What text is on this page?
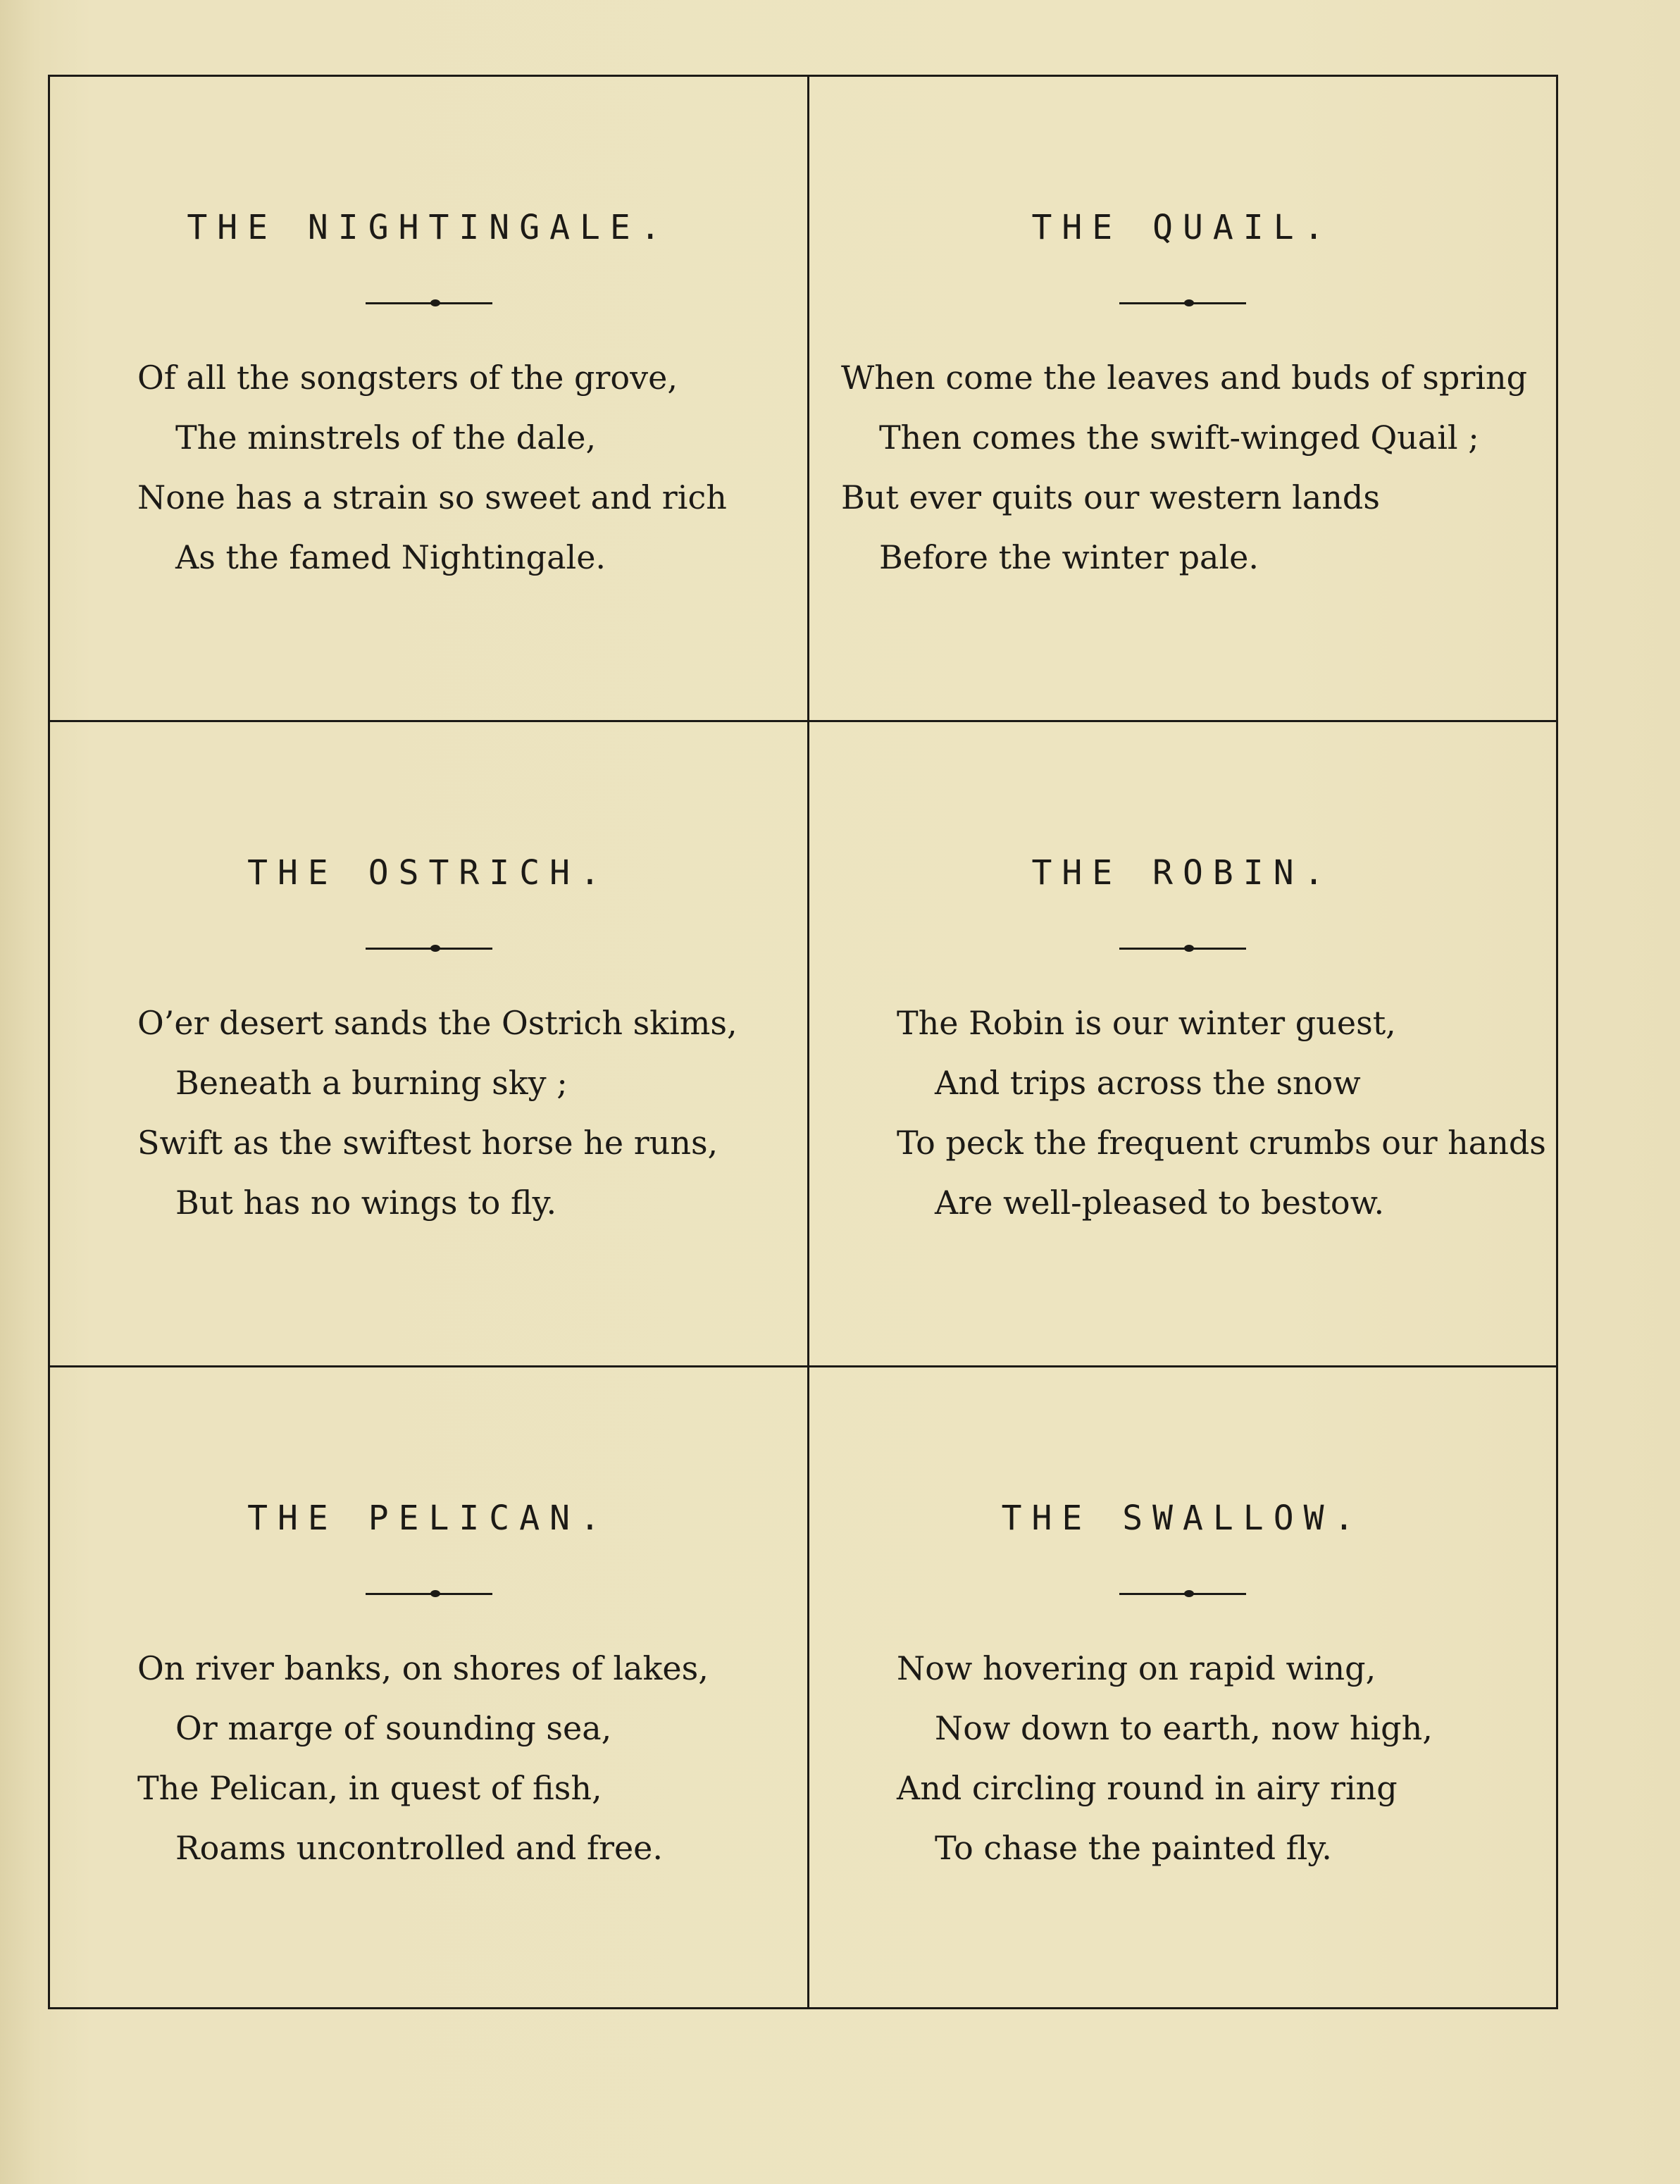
THE NIGHTINGALE.
Of all the songsters of the grove,
The minstrels of the dale,
None has a strain so sweet and rich
As the famed Nightingale.
THE QUAIL.
When come the leaves and buds of spring
Then comes the swift-winged Quail ;
But ever quits our western lands
Before the winter pale.
THE OSTRICH.
O’er desert sands the Ostrich skims,
Beneath a burning sky ;
Swift as the swiftest horse he runs,
But has no wings to fly.
THE ROBIN.
The Robin is our winter guest,
And trips across the snow
To peck the frequent crumbs our hands
Are well-pleased to bestow.
THE PELICAN.
On river banks, on shores of lakes,
Or marge of sounding sea,
The Pelican, in quest of fish,
Roams uncontrolled and free.
THE SWALLOW.
Now hovering on rapid wing,
Now down to earth, now high,
And circling round in airy ring
To chase the painted fly.
